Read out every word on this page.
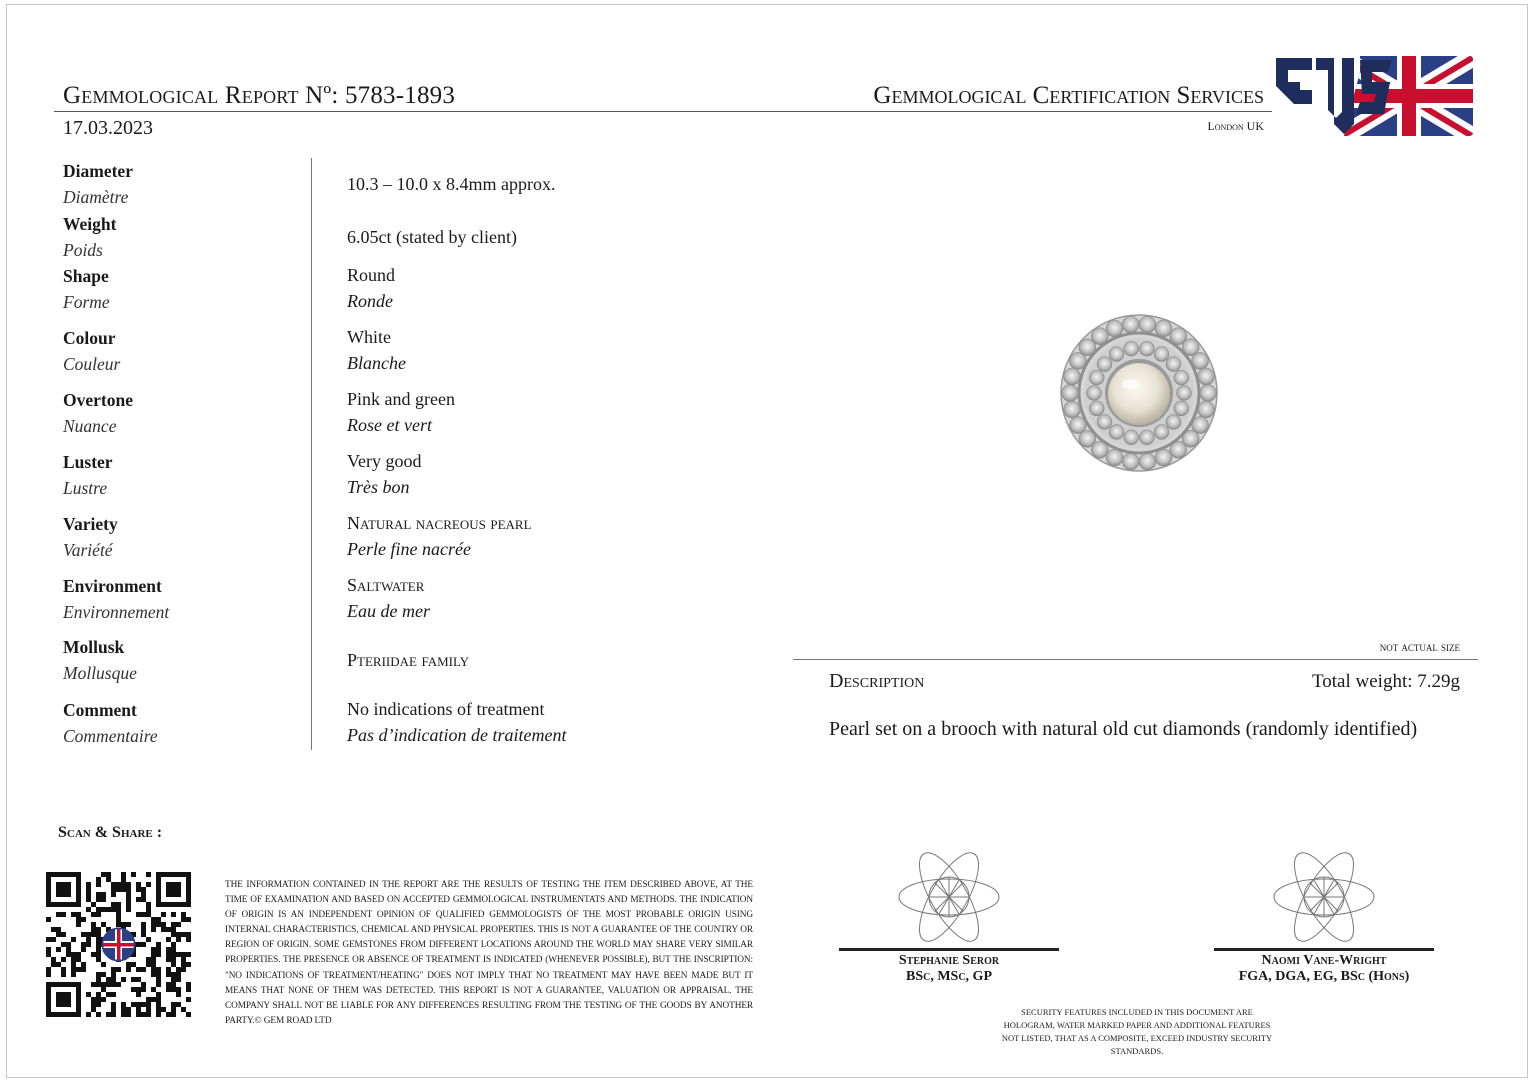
Gemmological Report Nº: 5783-1893
17.03.2023
Gemmological Certification Services
London UK
Diameter
Diamètre
10.3 – 10.0 x 8.4mm approx.
Weight
Poids
6.05ct (stated by client)
Shape
Forme
Round
Ronde
Colour
Couleur
White
Blanche
Overtone
Nuance
Pink and green
Rose et vert
Luster
Lustre
Very good
Très bon
Variety
Variété
Natural nacreous pearl
Perle fine nacrée
Environment
Environnement
Saltwater
Eau de mer
Mollusk
Mollusque
Pteriidae family
Comment
Commentaire
No indications of treatment
Pas d’indication de traitement
not actual size
Description	Total weight: 7.29g
Pearl set on a brooch with natural old cut diamonds (randomly identified)
Scan & Share :
THE INFORMATION CONTAINED IN THE REPORT ARE THE RESULTS OF TESTING THE ITEM DESCRIBED ABOVE, AT THE TIME OF EXAMINATION AND BASED ON ACCEPTED GEMMOLOGICAL INSTRUMENTATS AND METHODS. THE INDICATION OF ORIGIN IS AN INDEPENDENT OPINION OF QUALIFIED GEMMOLOGISTS OF THE MOST PROBABLE ORIGIN USING INTERNAL CHARACTERISTICS, CHEMICAL AND PHYSICAL PROPERTIES. THIS IS NOT A GUARANTEE OF THE COUNTRY OR REGION OF ORIGIN. SOME GEMSTONES FROM DIFFERENT LOCATIONS AROUND THE WORLD MAY SHARE VERY SIMILAR PROPERTIES. THE PRESENCE OR ABSENCE OF TREATMENT IS INDICATED (WHENEVER POSSIBLE), BUT THE INSCRIPTION: "NO INDICATIONS OF TREATMENT/HEATING" DOES NOT IMPLY THAT NO TREATMENT MAY HAVE BEEN MADE BUT IT MEANS THAT NONE OF THEM WAS DETECTED. THIS REPORT IS NOT A GUARANTEE, VALUATION OR APPRAISAL. THE COMPANY SHALL NOT BE LIABLE FOR ANY DIFFERENCES RESULTING FROM THE TESTING OF THE GOODS BY ANOTHER PARTY.© GEM ROAD LTD
Stephanie Seror
BSc, MSc, GP
Naomi Vane-Wright
FGA, DGA, EG, BSc (Hons)
SECURITY FEATURES INCLUDED IN THIS DOCUMENT ARE HOLOGRAM, WATER MARKED PAPER AND ADDITIONAL FEATURES NOT LISTED, THAT AS A COMPOSITE, EXCEED INDUSTRY SECURITY STANDARDS.
